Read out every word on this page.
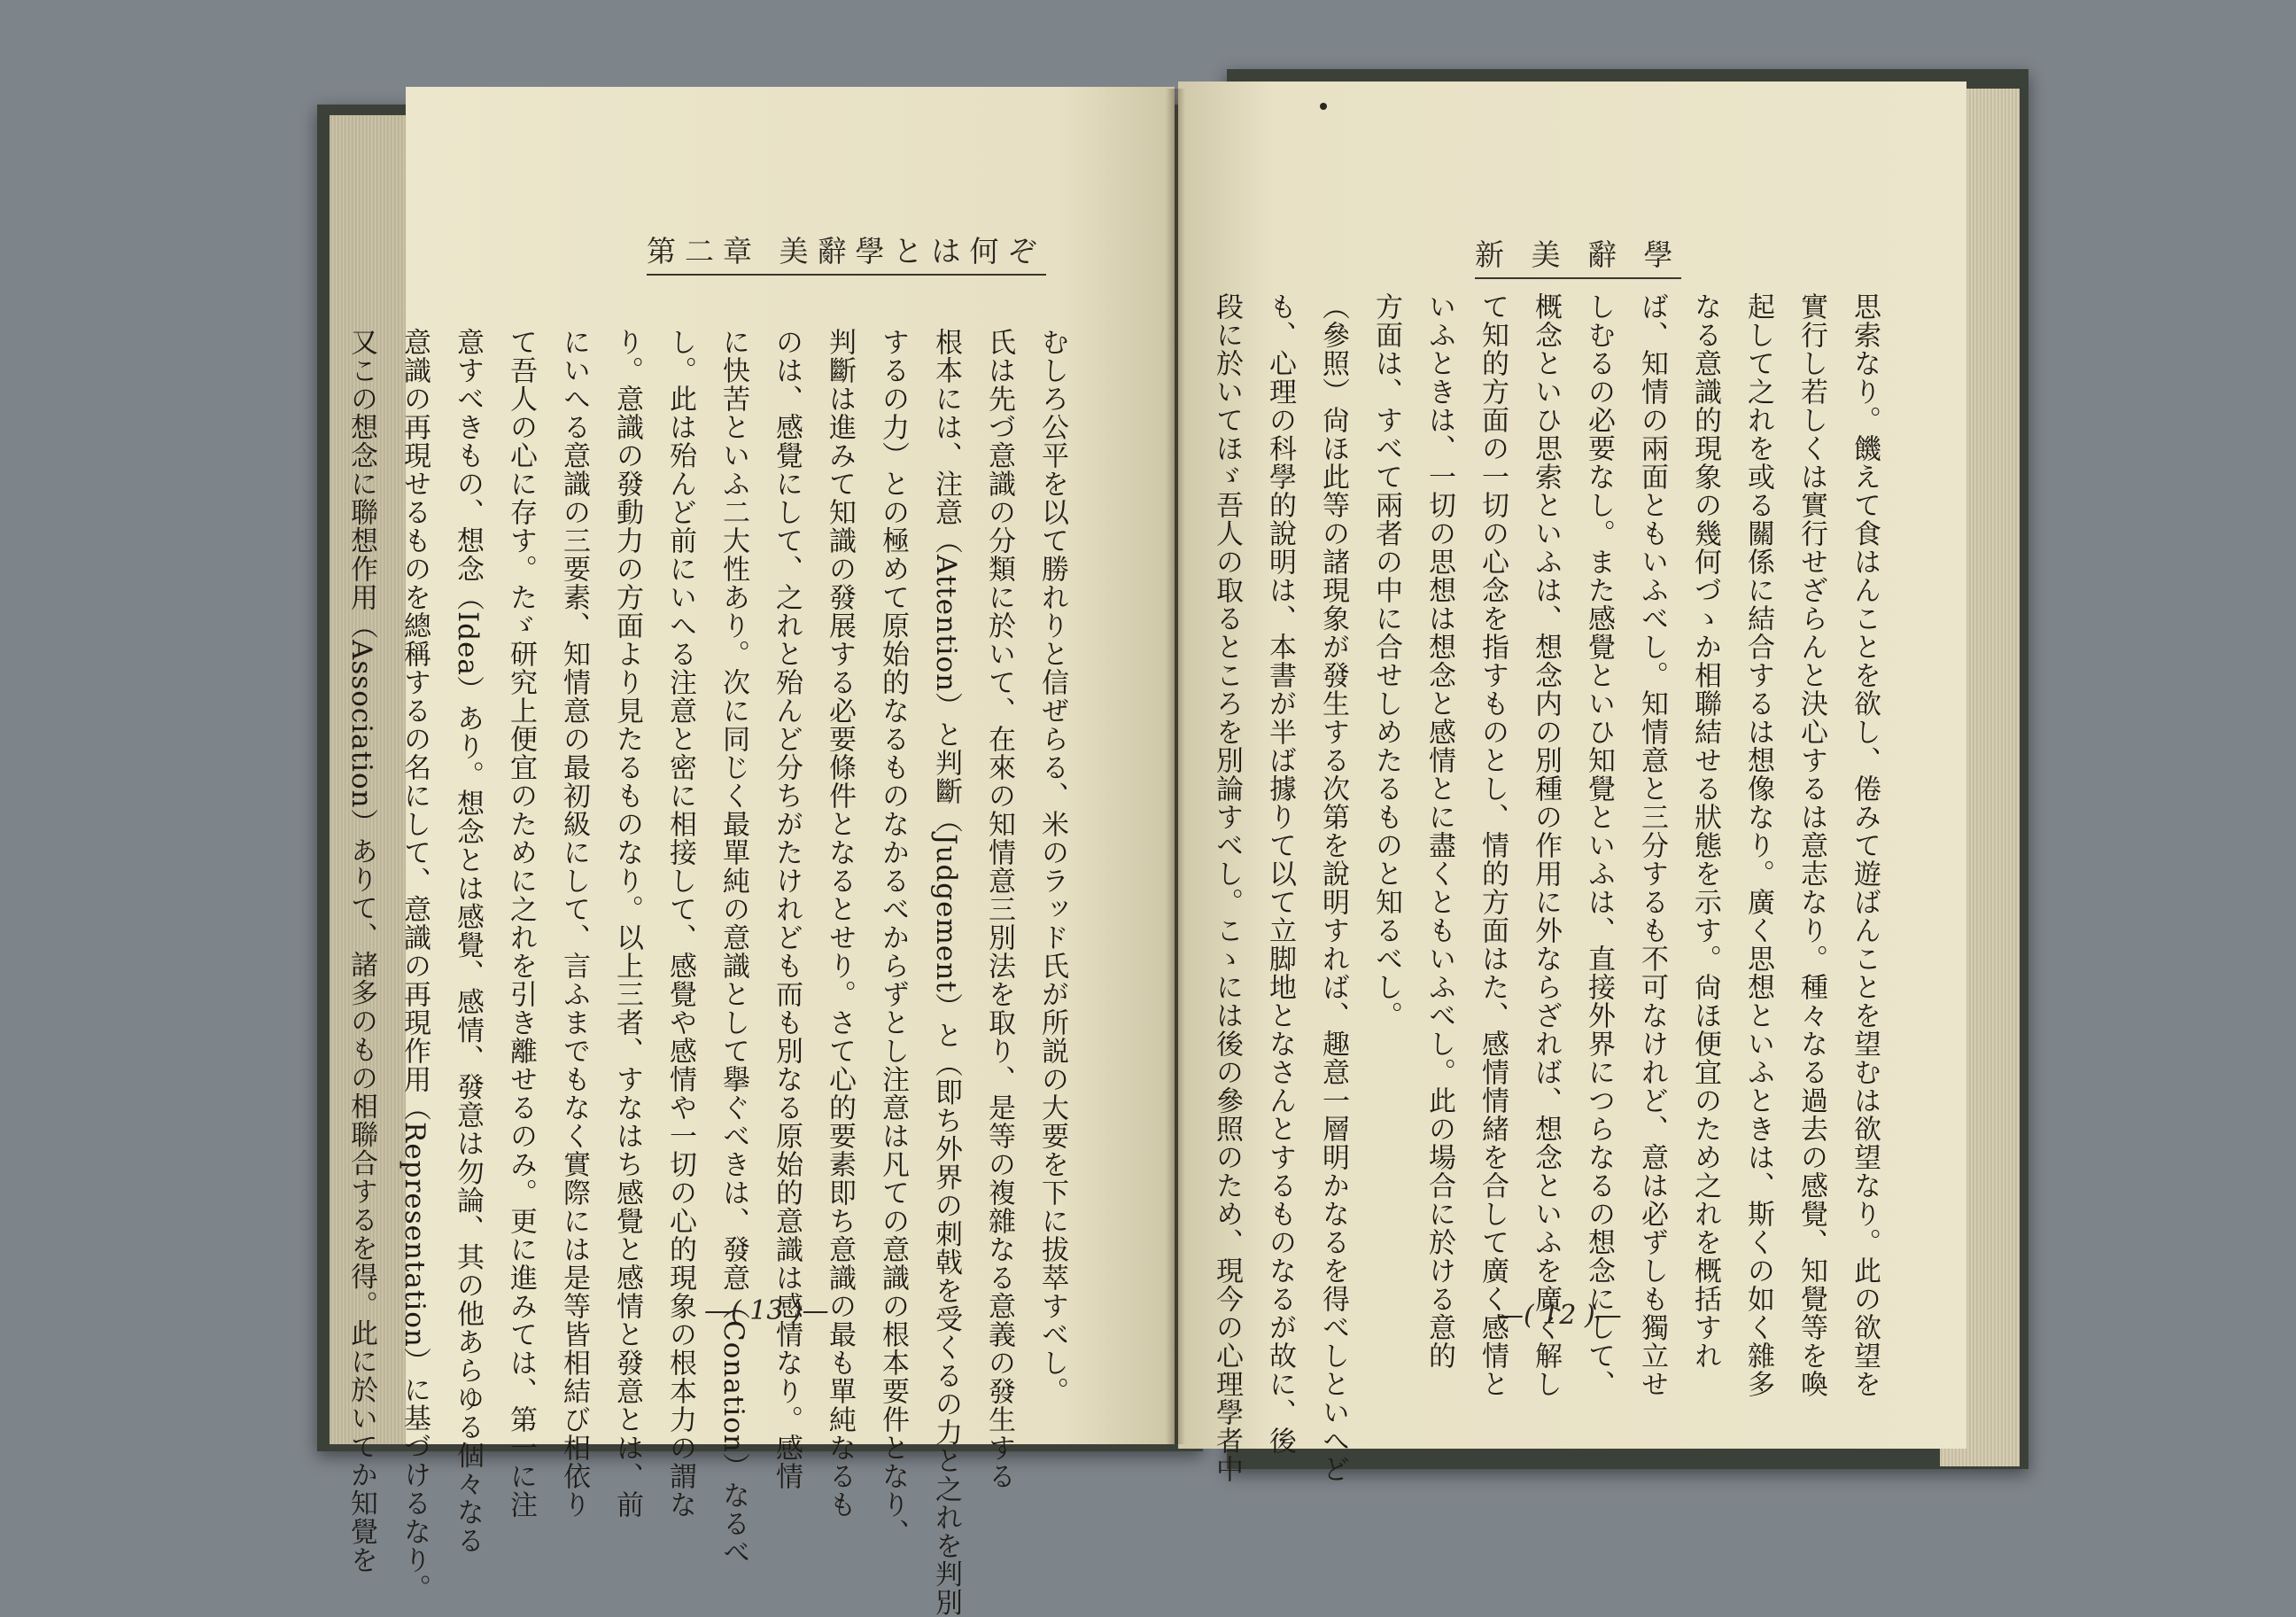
第二章 美辭學とは何ぞ	新 美 辭 學
むしろ公平を以て勝れりと信ぜらる、米のラッド氏が所説の大要を下に拔萃すべし。
氏は先づ意識の分類に於いて、在來の知情意三別法を取り、是等の複雜なる意義の發生する
根本には、注意（Attention）と判斷（Judgement）と（即ち外界の刺戟を受くるの力と之れを判別
するの力）との極めて原始的なるものなかるべからずとし注意は凡ての意識の根本要件となり、
判斷は進みて知識の發展する必要條件となるとせり。さて心的要素即ち意識の最も單純なるも
のは、感覺にして、之れと殆んど分ちがたけれども而も別なる原始的意識は感情なり。感情
に快苦といふ二大性あり。次に同じく最單純の意識として擧ぐべきは、發意（Conation）なるべ
し。此は殆んど前にいへる注意と密に相接して、感覺や感情や一切の心的現象の根本力の謂な
り。意識の發動力の方面より見たるものなり。以上三者、すなはち感覺と感情と發意とは、前
にいへる意識の三要素、知情意の最初級にして、言ふまでもなく實際には是等皆相結び相依り
て吾人の心に存す。たゞ研究上便宜のために之れを引き離せるのみ。更に進みては、第一に注
意すべきもの、想念（Idea）あり。想念とは感覺、感情、發意は勿論、其の他あらゆる個々なる
意識の再現せるものを總稱するの名にして、意識の再現作用（Representation）に基づけるなり。
又この想念に聯想作用（Association）ありて、諸多のもの相聯合するを得。此に於いてか知覺を	思索なり。饑えて食はんことを欲し、倦みて遊ばんことを望むは欲望なり。此の欲望を
實行し若しくは實行せざらんと決心するは意志なり。種々なる過去の感覺、知覺等を喚
起して之れを或る關係に結合するは想像なり。廣く思想といふときは、斯くの如く雜多
なる意識的現象の幾何づゝか相聯結せる狀態を示す。尙ほ便宜のため之れを概括すれ
ば、知情の兩面ともいふべし。知情意と三分するも不可なけれど、意は必ずしも獨立せ
しむるの必要なし。また感覺といひ知覺といふは、直接外界につらなるの想念にして、
概念といひ思索といふは、想念内の別種の作用に外ならざれば、想念といふを廣く解し
て知的方面の一切の心念を指すものとし、情的方面はた、感情情緒を合して廣く感情と
いふときは、一切の思想は想念と感情とに盡くともいふべし。此の場合に於ける意的
方面は、すべて兩者の中に合せしめたるものと知るべし。
（參照）尙ほ此等の諸現象が發生する次第を說明すれば、趣意一層明かなるを得べしといへど
も、心理の科學的說明は、本書が半ば據りて以て立脚地となさんとするものなるが故に、後
段に於いてほゞ吾人の取るところを別論すべし。こゝには後の參照のため、現今の心理學者中
—( 13 )—	—( 12 )—
